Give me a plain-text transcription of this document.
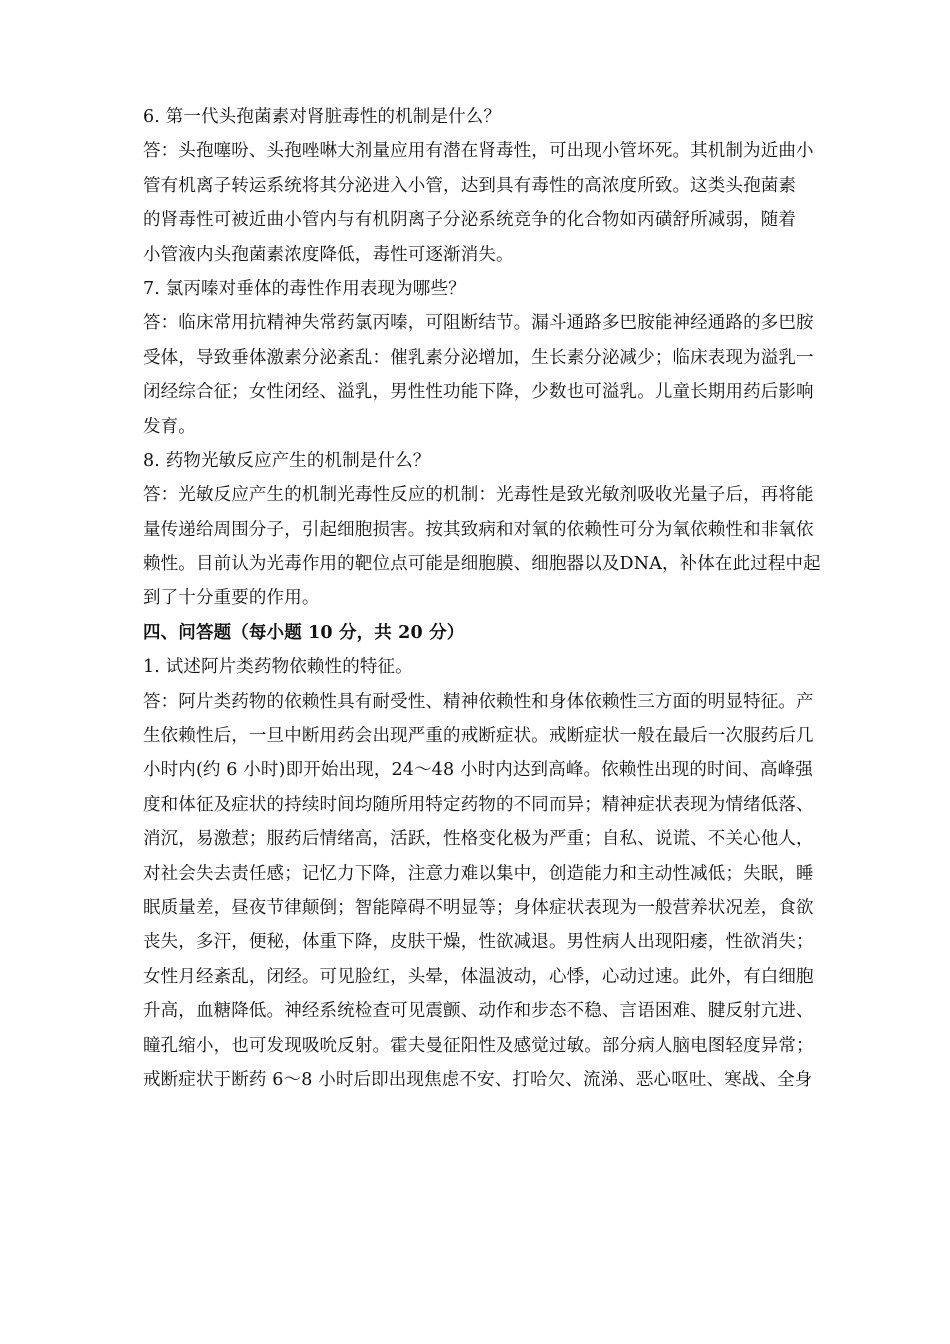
6. 第一代头孢菌素对肾脏毒性的机制是什么？
答：头孢噻吩、头孢唑啉大剂量应用有潜在肾毒性，可出现小管坏死。其机制为近曲小
管有机离子转运系统将其分泌进入小管，达到具有毒性的高浓度所致。这类头孢菌素
的肾毒性可被近曲小管内与有机阴离子分泌系统竞争的化合物如丙磺舒所减弱，随着
小管液内头孢菌素浓度降低，毒性可逐渐消失。
7. 氯丙嗪对垂体的毒性作用表现为哪些？
答：临床常用抗精神失常药氯丙嗪，可阻断结节。漏斗通路多巴胺能神经通路的多巴胺
受体，导致垂体激素分泌紊乱：催乳素分泌增加，生长素分泌减少；临床表现为溢乳一
闭经综合征；女性闭经、溢乳，男性性功能下降，少数也可溢乳。儿童长期用药后影响
发育。
8. 药物光敏反应产生的机制是什么？
答：光敏反应产生的机制光毒性反应的机制：光毒性是致光敏剂吸收光量子后，再将能
量传递给周围分子，引起细胞损害。按其致病和对氧的依赖性可分为氧依赖性和非氧依
赖性。目前认为光毒作用的靶位点可能是细胞膜、细胞器以及DNA，补体在此过程中起
到了十分重要的作用。
四、问答题（每小题 10 分，共 20 分）
1. 试述阿片类药物依赖性的特征。
答：阿片类药物的依赖性具有耐受性、精神依赖性和身体依赖性三方面的明显特征。产
生依赖性后，一旦中断用药会出现严重的戒断症状。戒断症状一般在最后一次服药后几
小时内(约 6 小时)即开始出现，24～48 小时内达到高峰。依赖性出现的时间、高峰强
度和体征及症状的持续时间均随所用特定药物的不同而异；精神症状表现为情绪低落、
消沉，易激惹；服药后情绪高，活跃，性格变化极为严重；自私、说谎、不关心他人，
对社会失去责任感；记忆力下降，注意力难以集中，创造能力和主动性减低；失眠，睡
眠质量差，昼夜节律颠倒；智能障碍不明显等；身体症状表现为一般营养状况差，食欲
丧失，多汗，便秘，体重下降，皮肤干燥，性欲减退。男性病人出现阳痿，性欲消失；
女性月经紊乱，闭经。可见脸红，头晕，体温波动，心悸，心动过速。此外，有白细胞
升高，血糖降低。神经系统检查可见震颤、动作和步态不稳、言语困难、腱反射亢进、
瞳孔缩小，也可发现吸吮反射。霍夫曼征阳性及感觉过敏。部分病人脑电图轻度异常；
戒断症状于断药 6～8 小时后即出现焦虑不安、打哈欠、流涕、恶心呕吐、寒战、全身
